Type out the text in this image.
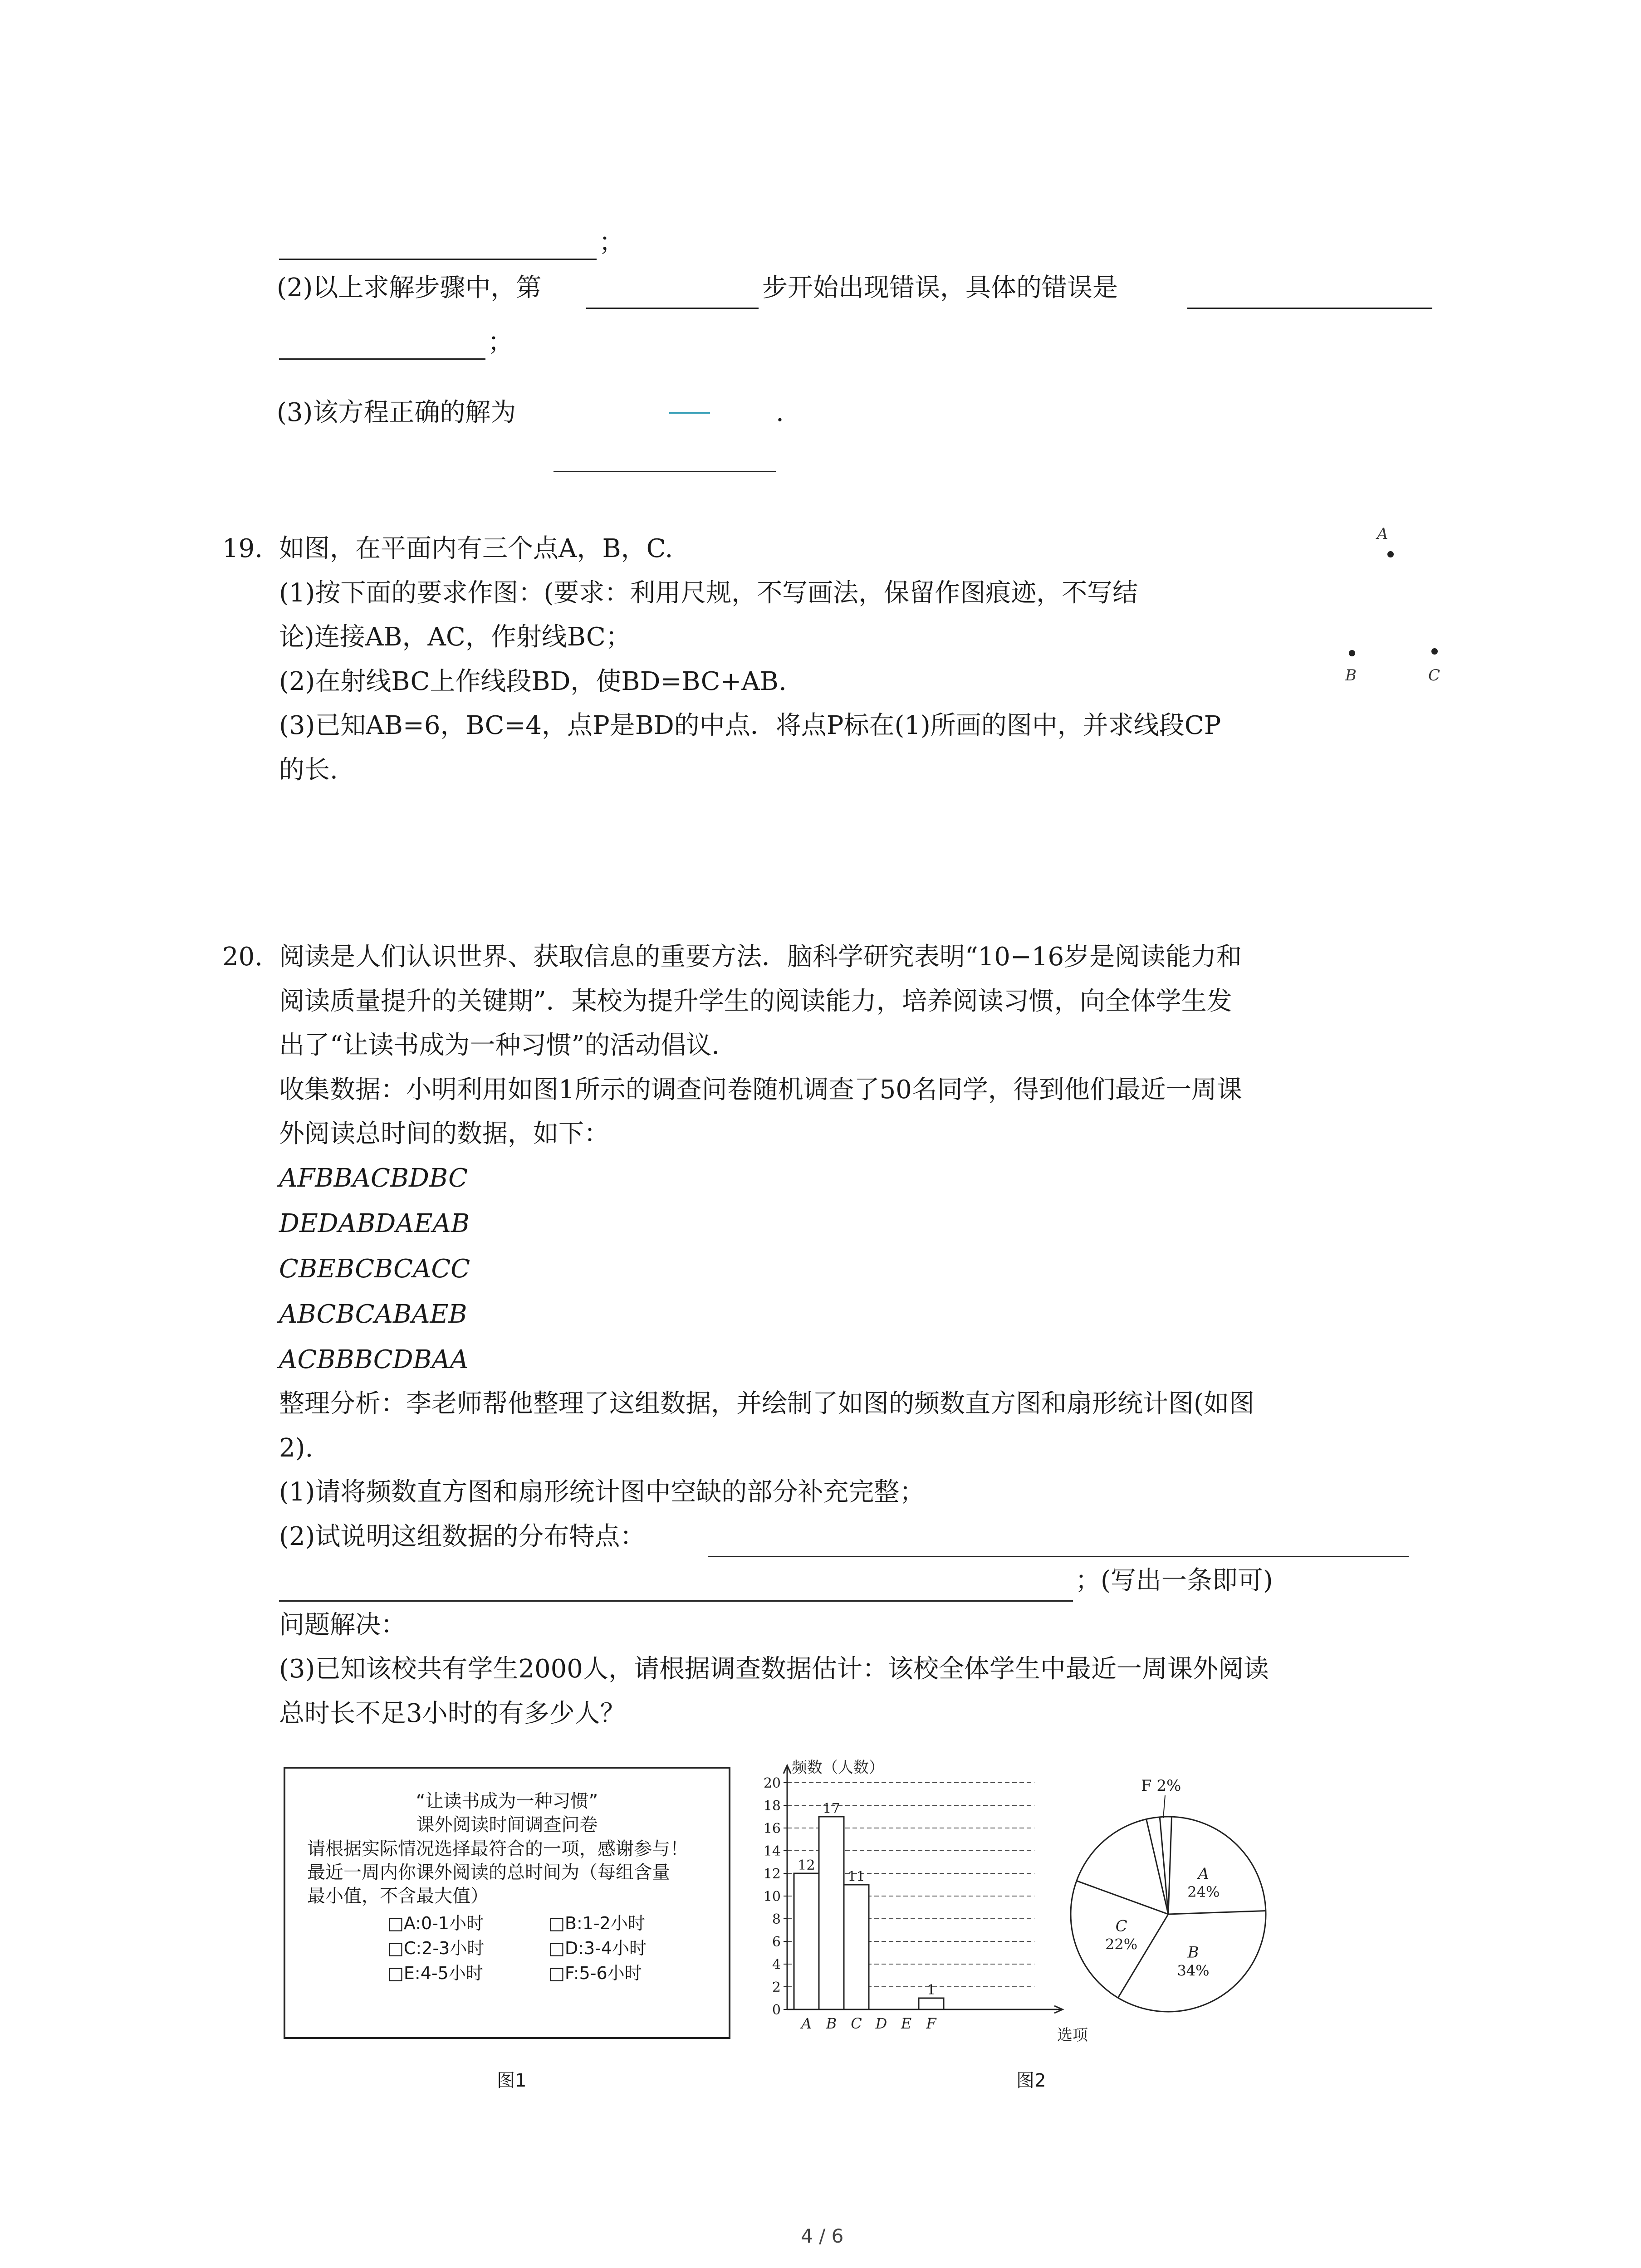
；
(2)以上求解步骤中，第	步开始出现错误，具体的错误是
；
(3)该方程正确的解为	.
19. 如图，在平面内有三个点A，B，C.
(1)按下面的要求作图：(要求：利用尺规，不写画法，保留作图痕迹，不写结
论)连接AB，AC，作射线BC；
(2)在射线BC上作线段BD，使BD=BC+AB.
(3)已知AB=6，BC=4，点P是BD的中点．将点P标在(1)所画的图中，并求线段CP
的长.
A
B	C
20. 阅读是人们认识世界、获取信息的重要方法．脑科学研究表明“10−16岁是阅读能力和
阅读质量提升的关键期”．某校为提升学生的阅读能力，培养阅读习惯，向全体学生发
出了“让读书成为一种习惯”的活动倡议.
收集数据：小明利用如图1所示的调查问卷随机调查了50名同学，得到他们最近一周课
外阅读总时间的数据，如下：
AFBBACBDBC
DEDABDAEAB
CBEBCBCACC
ABCBCABAEB
ACBBBCDBAA
整理分析：李老师帮他整理了这组数据，并绘制了如图的频数直方图和扇形统计图(如图
2).
(1)请将频数直方图和扇形统计图中空缺的部分补充完整；
(2)试说明这组数据的分布特点：
；(写出一条即可)
问题解决：
(3)已知该校共有学生2000人，请根据调查数据估计：该校全体学生中最近一周课外阅读
总时长不足3小时的有多少人？
“让读书成为一种习惯”
课外阅读时间调查问卷
请根据实际情况选择最符合的一项，感谢参与！
最近一周内你课外阅读的总时间为（每组含量
最小值，不含最大值）
□A:0-1小时	□B:1-2小时
□C:2-3小时	□D:3-4小时
□E:4-5小时	□F:5-6小时
图1
0
2
4
6
8
10
12
14
16
18
20
频数（人数）
选项
12
A
17
B
11
C D E
1
F
A
24%
B
34%
C
22%
F 2%
图2
4 / 6
